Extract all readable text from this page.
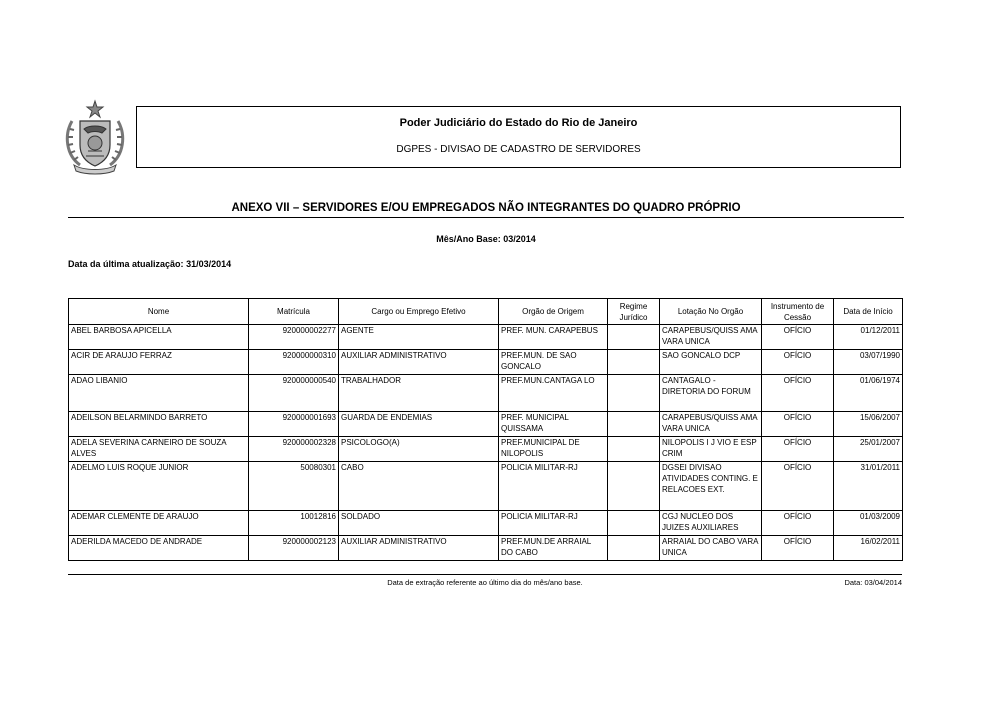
Poder Judiciário do Estado do Rio de Janeiro
DGPES - DIVISAO DE CADASTRO DE SERVIDORES
ANEXO VII – SERVIDORES E/OU EMPREGADOS NÃO INTEGRANTES DO QUADRO PRÓPRIO
Mês/Ano Base: 03/2014
Data da última atualização: 31/03/2014
Nome	Matrícula	Cargo ou Emprego Efetivo	Orgão de Origem	Regime Jurídico	Lotação No Orgão	Instrumento de Cessão	Data de Início
ABEL BARBOSA APICELLA	920000002277	AGENTE	PREF. MUN. CARAPEBUS		CARAPEBUS/QUISS AMA VARA UNICA	OFÍCIO	01/12/2011
ACIR DE ARAUJO FERRAZ	920000000310	AUXILIAR ADMINISTRATIVO	PREF.MUN. DE SAO GONCALO		SAO GONCALO DCP	OFÍCIO	03/07/1990
ADAO LIBANIO	920000000540	TRABALHADOR	PREF.MUN.CANTAGA LO		CANTAGALO - DIRETORIA DO FORUM	OFÍCIO	01/06/1974
ADEILSON BELARMINDO BARRETO	920000001693	GUARDA DE ENDEMIAS	PREF. MUNICIPAL QUISSAMA		CARAPEBUS/QUISS AMA VARA UNICA	OFÍCIO	15/06/2007
ADELA SEVERINA CARNEIRO DE SOUZA ALVES	920000002328	PSICOLOGO(A)	PREF.MUNICIPAL DE NILOPOLIS		NILOPOLIS I J VIO E ESP CRIM	OFÍCIO	25/01/2007
ADELMO LUIS ROQUE JUNIOR	50080301	CABO	POLICIA MILITAR-RJ		DGSEI DIVISAO ATIVIDADES CONTING. E RELACOES EXT.	OFÍCIO	31/01/2011
ADEMAR CLEMENTE DE ARAUJO	10012816	SOLDADO	POLICIA MILITAR-RJ		CGJ NUCLEO DOS JUIZES AUXILIARES	OFÍCIO	01/03/2009
ADERILDA MACEDO DE ANDRADE	920000002123	AUXILIAR ADMINISTRATIVO	PREF.MUN.DE ARRAIAL DO CABO		ARRAIAL DO CABO VARA UNICA	OFÍCIO	16/02/2011
Data de extração referente ao último dia do mês/ano base.	Data: 03/04/2014
